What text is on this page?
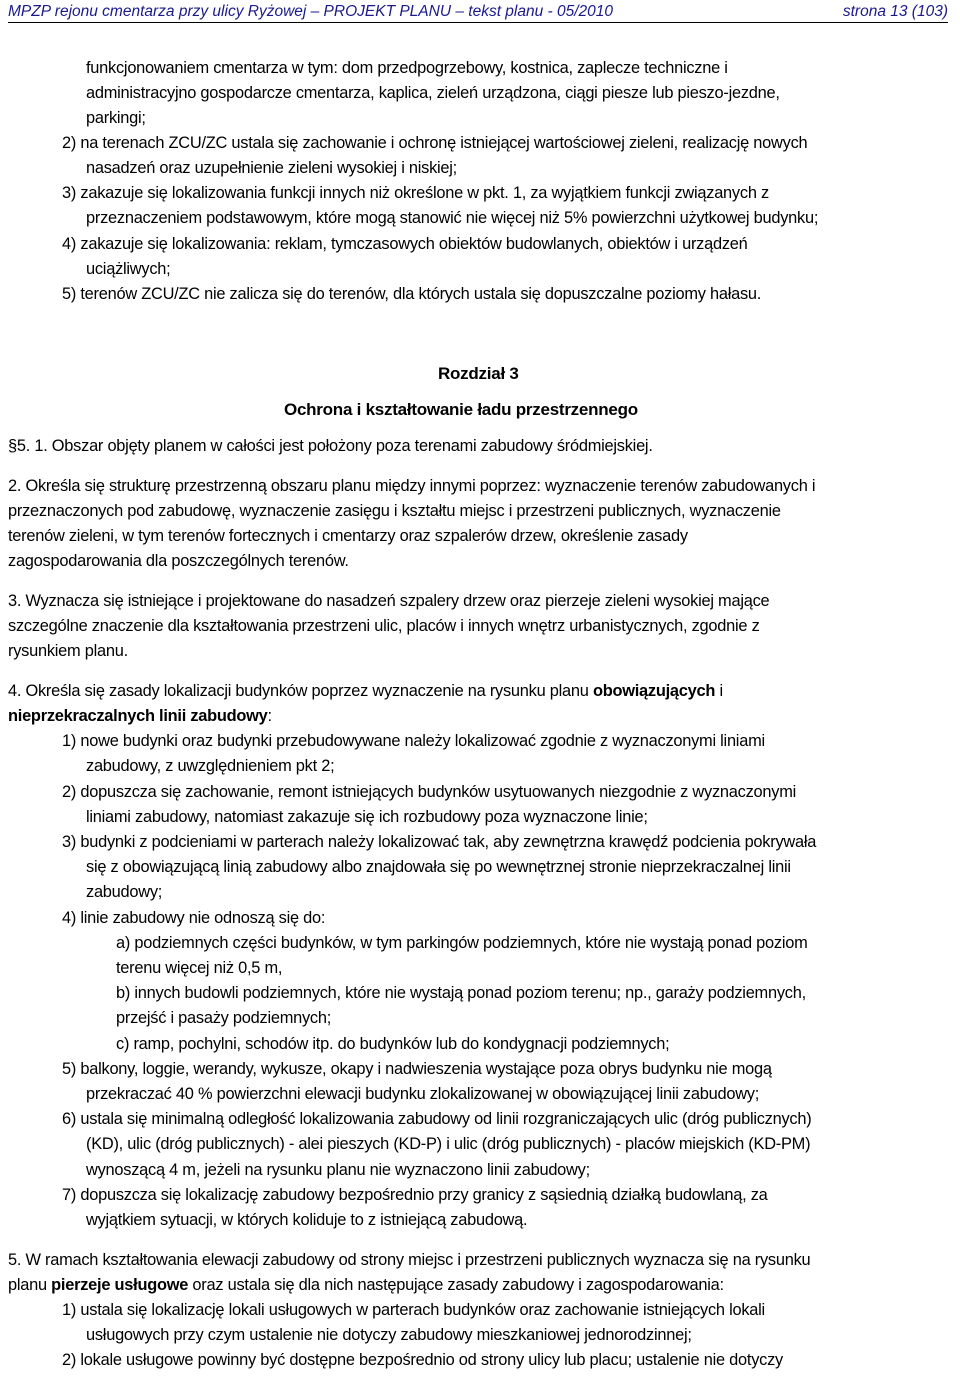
MPZP rejonu cmentarza przy ulicy Ryżowej – PROJEKT PLANU – tekst planu - 05/2010	strona 13 (103)
funkcjonowaniem cmentarza w tym: dom przedpogrzebowy, kostnica, zaplecze techniczne i
administracyjno gospodarcze cmentarza, kaplica, zieleń urządzona, ciągi piesze lub pieszo-jezdne,
parkingi;
2) na terenach ZCU/ZC ustala się zachowanie i ochronę istniejącej wartościowej zieleni, realizację nowych
nasadzeń oraz uzupełnienie zieleni wysokiej i niskiej;
3) zakazuje się lokalizowania funkcji innych niż określone w pkt. 1, za wyjątkiem funkcji związanych z
przeznaczeniem podstawowym, które mogą stanowić nie więcej niż 5% powierzchni użytkowej budynku;
4) zakazuje się lokalizowania: reklam, tymczasowych obiektów budowlanych, obiektów i urządzeń
uciążliwych;
5) terenów ZCU/ZC nie zalicza się do terenów, dla których ustala się dopuszczalne poziomy hałasu.
Rozdział 3
Ochrona i kształtowanie ładu przestrzennego
§5. 1. Obszar objęty planem w całości jest położony poza terenami zabudowy śródmiejskiej.
2. Określa się strukturę przestrzenną obszaru planu między innymi poprzez: wyznaczenie terenów zabudowanych i
przeznaczonych pod zabudowę, wyznaczenie zasięgu i kształtu miejsc i przestrzeni publicznych, wyznaczenie
terenów zieleni, w tym terenów fortecznych i cmentarzy oraz szpalerów drzew, określenie zasady
zagospodarowania dla poszczególnych terenów.
3. Wyznacza się istniejące i projektowane do nasadzeń szpalery drzew oraz pierzeje zieleni wysokiej mające
szczególne znaczenie dla kształtowania przestrzeni ulic, placów i innych wnętrz urbanistycznych, zgodnie z
rysunkiem planu.
4. Określa się zasady lokalizacji budynków poprzez wyznaczenie na rysunku planu obowiązujących i
nieprzekraczalnych linii zabudowy:
1) nowe budynki oraz budynki przebudowywane należy lokalizować zgodnie z wyznaczonymi liniami
zabudowy, z uwzględnieniem pkt 2;
2) dopuszcza się zachowanie, remont istniejących budynków usytuowanych niezgodnie z wyznaczonymi
liniami zabudowy, natomiast zakazuje się ich rozbudowy poza wyznaczone linie;
3) budynki z podcieniami w parterach należy lokalizować tak, aby zewnętrzna krawędź podcienia pokrywała
się z obowiązującą linią zabudowy albo znajdowała się po wewnętrznej stronie nieprzekraczalnej linii
zabudowy;
4) linie zabudowy nie odnoszą się do:
a) podziemnych części budynków, w tym parkingów podziemnych, które nie wystają ponad poziom
terenu więcej niż 0,5 m,
b) innych budowli podziemnych, które nie wystają ponad poziom terenu; np., garaży podziemnych,
przejść i pasaży podziemnych;
c) ramp, pochylni, schodów itp. do budynków lub do kondygnacji podziemnych;
5) balkony, loggie, werandy, wykusze, okapy i nadwieszenia wystające poza obrys budynku nie mogą
przekraczać 40 % powierzchni elewacji budynku zlokalizowanej w obowiązującej linii zabudowy;
6) ustala się minimalną odległość lokalizowania zabudowy od linii rozgraniczających ulic (dróg publicznych)
(KD), ulic (dróg publicznych) - alei pieszych (KD-P) i ulic (dróg publicznych) - placów miejskich (KD-PM)
wynoszącą 4 m, jeżeli na rysunku planu nie wyznaczono linii zabudowy;
7) dopuszcza się lokalizację zabudowy bezpośrednio przy granicy z sąsiednią działką budowlaną, za
wyjątkiem sytuacji, w których koliduje to z istniejącą zabudową.
5. W ramach kształtowania elewacji zabudowy od strony miejsc i przestrzeni publicznych wyznacza się na rysunku
planu pierzeje usługowe oraz ustala się dla nich następujące zasady zabudowy i zagospodarowania:
1) ustala się lokalizację lokali usługowych w parterach budynków oraz zachowanie istniejących lokali
usługowych przy czym ustalenie nie dotyczy zabudowy mieszkaniowej jednorodzinnej;
2) lokale usługowe powinny być dostępne bezpośrednio od strony ulicy lub placu; ustalenie nie dotyczy
